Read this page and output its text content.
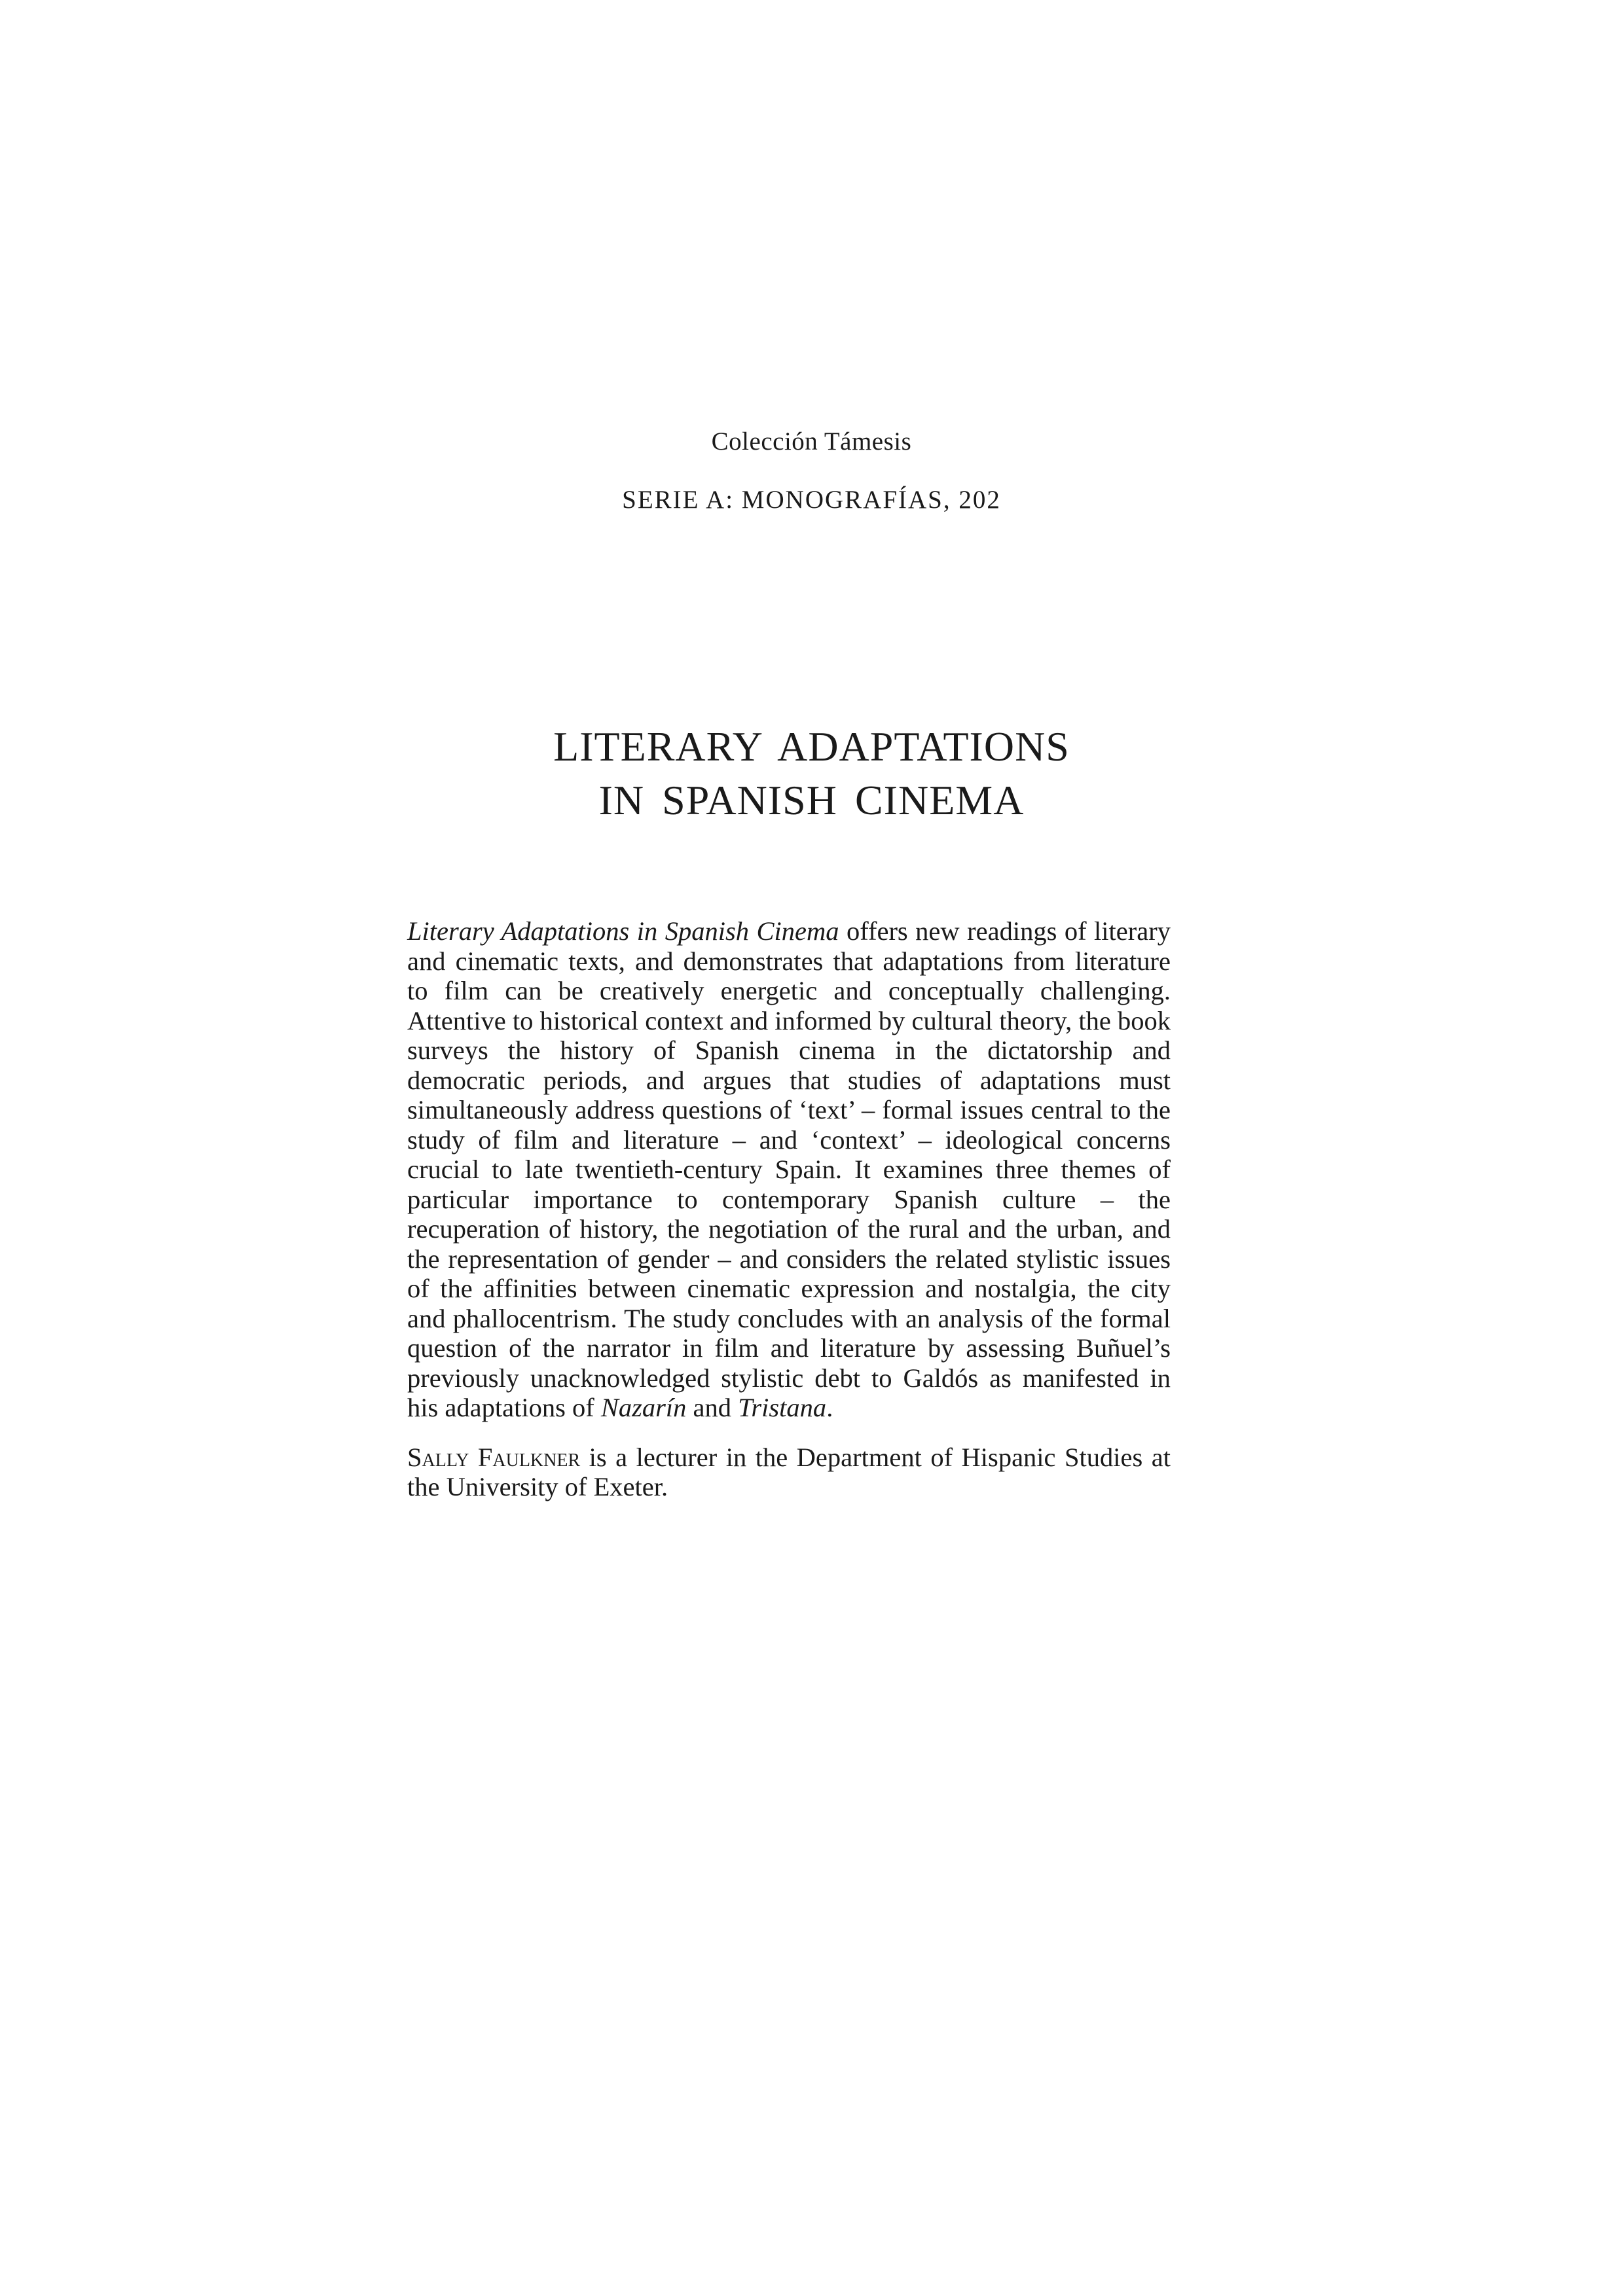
Colección Támesis
SERIE A: MONOGRAFÍAS, 202
LITERARY ADAPTATIONS
IN SPANISH CINEMA

Literary Adaptations in Spanish Cinema offers new readings of literary and cinematic texts, and demonstrates that adaptations from literature to film can be creatively energetic and conceptually challenging. Attentive to historical context and informed by cultural theory, the book surveys the history of Spanish cinema in the dictatorship and democratic periods, and argues that studies of adaptations must simultaneously address questions of ‘text’ – formal issues central to the study of film and literature – and ‘context’ – ideological concerns crucial to late twentieth-century Spain. It examines three themes of particular importance to contemporary Spanish culture – the recuperation of history, the negotiation of the rural and the urban, and the representation of gender – and considers the related stylistic issues of the affinities between cinematic expression and nostalgia, the city and phallocentrism. The study concludes with an analysis of the formal question of the narrator in film and literature by assessing Buñuel’s previously unacknowledged stylistic debt to Galdós as manifested in his adaptations of Nazarín and Tristana.

Sally Faulkner is a lecturer in the Department of Hispanic Studies at the University of Exeter.
